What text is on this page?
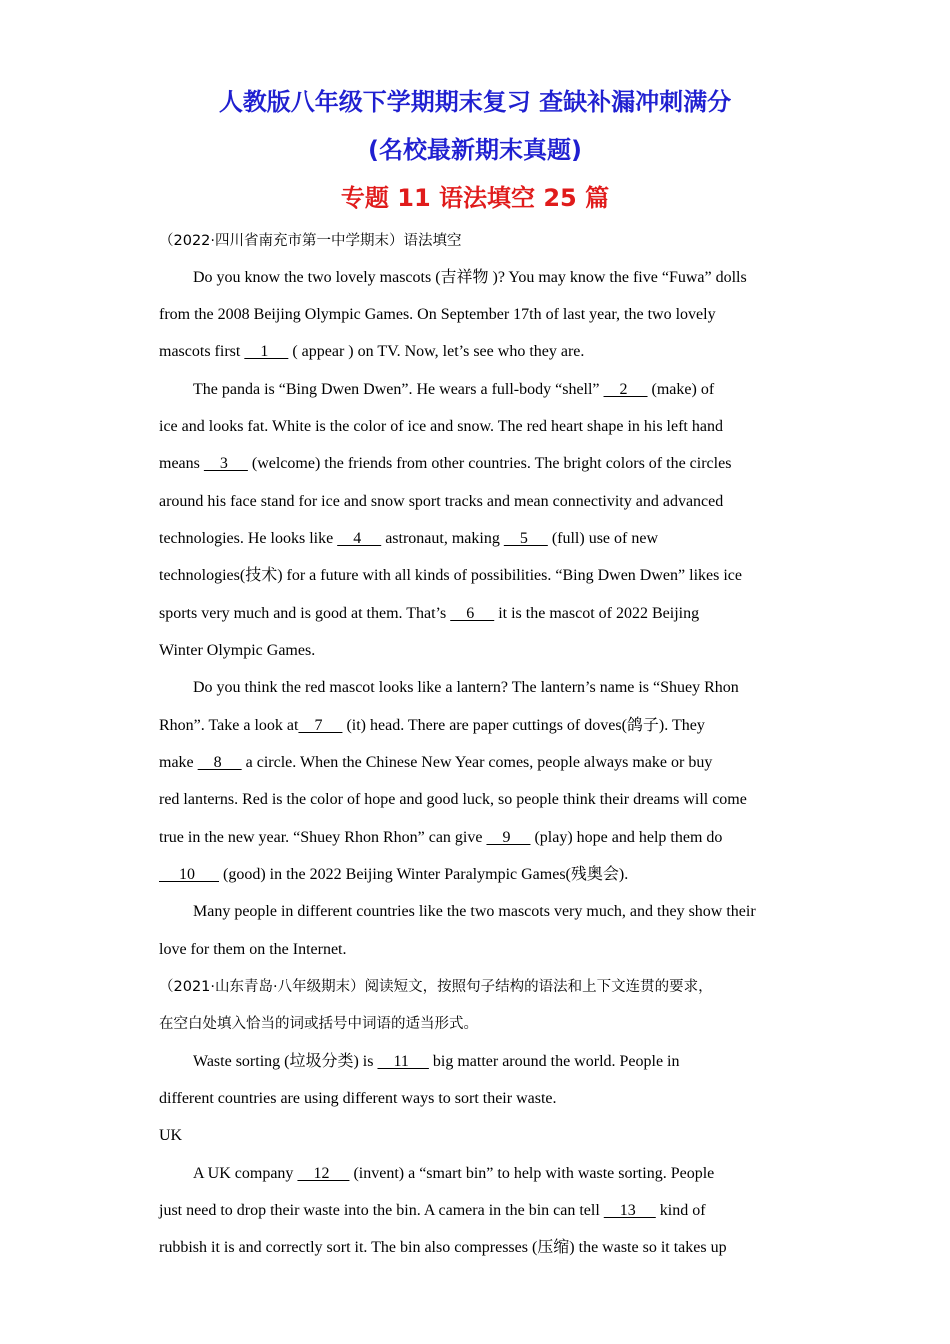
人教版八年级下学期期末复习 查缺补漏冲刺满分
(名校最新期末真题)
专题 11 语法填空 25 篇
（2022·四川省南充市第一中学期末）语法填空
Do you know the two lovely mascots (吉祥物 )? You may know the five “Fuwa” dolls
from the 2008 Beijing Olympic Games. On September 17th of last year, the two lovely
mascots first     1      ( appear ) on TV. Now, let’s see who they are.
The panda is “Bing Dwen Dwen”. He wears a full-body “shell”     2      (make) of
ice and looks fat. White is the color of ice and snow. The red heart shape in his left hand
means     3      (welcome) the friends from other countries. The bright colors of the circles
around his face stand for ice and snow sport tracks and mean connectivity and advanced
technologies. He looks like     4      astronaut, making     5      (full) use of new
technologies(技术) for a future with all kinds of possibilities. “Bing Dwen Dwen” likes ice
sports very much and is good at them. That’s     6      it is the mascot of 2022 Beijing
Winter Olympic Games.
Do you think the red mascot looks like a lantern? The lantern’s name is “Shuey Rhon
Rhon”. Take a look at    7      (it) head. There are paper cuttings of doves(鸽子). They
make     8      a circle. When the Chinese New Year comes, people always make or buy
red lanterns. Red is the color of hope and good luck, so people think their dreams will come
true in the new year. “Shuey Rhon Rhon” can give     9      (play) hope and help them do
10       (good) in the 2022 Beijing Winter Paralympic Games(残奥会).
Many people in different countries like the two mascots very much, and they show their
love for them on the Internet.
（2021·山东青岛·八年级期末）阅读短文，按照句子结构的语法和上下文连贯的要求，
在空白处填入恰当的词或括号中词语的适当形式。
Waste sorting (垃圾分类) is     11      big matter around the world. People in
different countries are using different ways to sort their waste.
UK
A UK company     12      (invent) a “smart bin” to help with waste sorting. People
just need to drop their waste into the bin. A camera in the bin can tell     13      kind of
rubbish it is and correctly sort it. The bin also compresses (压缩) the waste so it takes up
